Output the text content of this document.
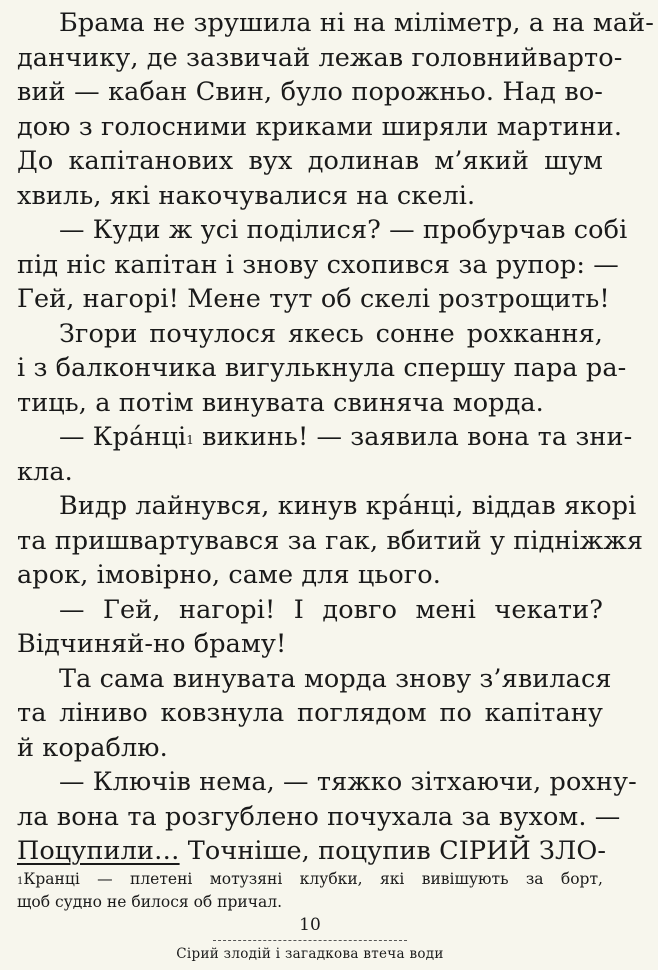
Брама не зрушила ні на міліметр, а на май-
данчику, де зазвичай лежав головнийварто-
вий — кабан Свин, було порожньо. Над во-
дою з голосними криками ширяли мартини.
До капітанових вух долинав м’який шум
хвиль, які накочувалися на скелі.
— Куди ж усі поділися? — пробурчав собі
під ніс капітан і знову схопився за рупор: —
Гей, нагорі! Мене тут об скелі розтрощить!
Згори почулося якесь сонне рохкання,
і з балкончика вигулькнула спершу пара ра-
тиць, а потім винувата свиняча морда.
— Кра́нці$^1$ викинь! — заявила вона та зни-
кла.
Видр лайнувся, кинув кра́нці, віддав якорі
та пришвартувався за гак, вбитий у підніжжя
арок, імовірно, саме для цього.
— Гей, нагорі! І довго мені чекати?
Відчиняй-но браму!
Та сама винувата морда знову з’явилася
та ліниво ковзнула поглядом по капітану
й кораблю.
— Ключів нема, — тяжко зітхаючи, рохну-
ла вона та розгублено почухала за вухом. —
Поцупили… Точніше, поцупив СІРИЙ ЗЛО-
$^1$Кранці — плетені мотузяні клубки, які вивішують за борт,
щоб судно не билося об причал.
10
Сірий злодій і загадкова втеча води
